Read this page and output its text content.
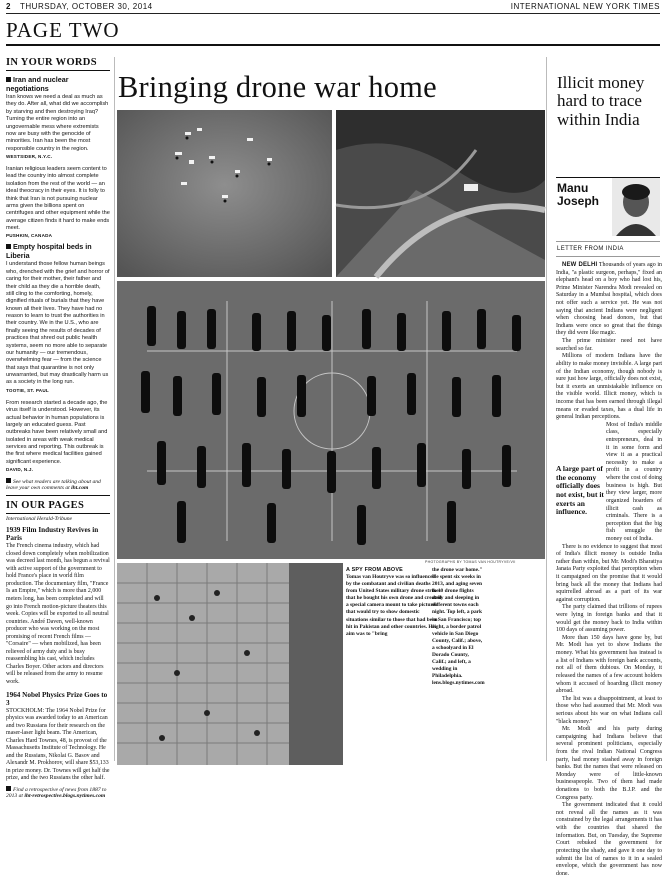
2 THURSDAY, OCTOBER 30, 2014	INTERNATIONAL NEW YORK TIMES
PAGE TWO
IN YOUR WORDS
Iran and nuclear negotiations
Iran knows we need a deal as much as they do. After all, what did we accomplish by starving and then destroying Iraq? Turning the entire region into an ungovernable mess where extremists now are busy with the genocide of minorities. Iran has been the most responsible country in the region.
WESTSIDER, N.Y.C.
Iranian religious leaders seem content to lead the country into almost complete isolation from the rest of the world — an ideal theocracy in their eyes. It is folly to think that Iran is not pursuing nuclear arms given the billions spent on centrifuges and other equipment while the average citizen finds it hard to make ends meet.
PUSHKIN, CANADA
Empty hospital beds in Liberia
I understand those fellow human beings who, drenched with the grief and horror of caring for their mother, their father and their child as they die a horrible death, still cling to the comforting, homely, dignified rituals of burials that they have known all their lives. They have had no reason to learn to trust the authorities in their country. We in the U.S., who are finally seeing the results of decades of practices that shred out public health systems, seem no more able to separate our humanity — our tremendous, overwhelming fear — from the science that says that quarantine is not only unwarranted, but may drastically harm us as a society in the long run.
TOOTIE, ST. PAUL
From research started a decade ago, the virus itself is understood. However, its actual behavior in human populations is largely an educated guess. Past outbreaks have been relatively small and isolated in areas with weak medical services and reporting. This outbreak is the first where medical facilities gained significant experience.
DAVID, N.J.
See what readers are talking about and leave your own comments at iht.com
IN OUR PAGES
International Herald-Tribune
1939 Film Industry Revives in Paris
The French cinema industry, which had closed down completely when mobilization was decreed last month, has begun a revival with active support of the government to hold France's place in world film production. The documentary film, "France Is an Empire," which is more than 2,000 meters long, has been completed and will go into French motion-picture theaters this week. Copies will be exported to all neutral countries. André Daven, well-known producer who was working on the most promising of recent French films — "Corsaire" — when mobilized, has been relieved of army duty and is busy reassembling his cast, which includes Charles Boyer. Other actors and directors will be released from the army to resume work.
1964 Nobel Physics Prize Goes to 3
STOCKHOLM: The 1964 Nobel Prize for physics was awarded today to an American and two Russians for their research on the maser-laser light beam. The American, Charles Hard Townes, 48, is provost of the Massachusetts Institute of Technology. He and the Russians, Nikolai G. Basov and Alexandr M. Prokhorov, will share $53,133 in prize money. Dr. Townes will get half the prize, and the two Russians the other half.
Find a retrospective of news from 1887 to 2013 at iht-retrospective.blogs.nytimes.com
Bringing drone war home
PHOTOGRAPHS BY TOMAS VAN HOUTRYVE/VII
A SPY FROM ABOVE
Tomas van Houtryve was so influenced by the combatant and civilian deaths from United States military drone strikes that he bought his own drone and created a special camera mount to take pictures that would try to show domestic situations similar to those that had been hit in Pakistan and other countries. His aim was to "bring
the drone war home." He spent six weeks in 2013, and aging seven to 10 drone flights daily and sleeping in different towns each night. Top left, a park in San Francisco; top right, a border patrol vehicle in San Diego County, Calif.; above, a schoolyard in El Dorado County, Calif.; and left, a wedding in Philadelphia. lens.blogs.nytimes.com
Illicit money hard to trace within India
Manu
Joseph
LETTER FROM INDIA

NEW DELHI Thousands of years ago in India, "a plastic surgeon, perhaps," fixed an elephant's head on a boy who had lost his, Prime Minister Narendra Modi revealed on Saturday in a Mumbai hospital, which does not offer such a service yet. He was not saying that ancient Indians were negligent when choosing head donors, but that Indians were once so great that the things they did were like magic.

The prime minister need not have searched so far.

Millions of modern Indians have the ability to make money invisible. A large part of the Indian economy, though nobody is sure just how large, officially does not exist, but it exerts an unmistakable influence on the visible world. Illicit money, which is income that has been earned through illegal means or evaded taxes, has a dual life in general Indian perceptions.

Most of India's middle class, especially entrepreneurs, deal in it in some form and view it as a practical necessity to make a profit in a country where the cost of doing business is high. But they view larger, more organized hoarders of illicit cash as criminals. There is a perception that the big fish smuggle the money out of India.

There is no evidence to suggest that most of India's illicit money is outside India rather than within, but Mr. Modi's Bharatiya Janata Party exploited that perception when it campaigned on the promise that it would bring back all the money that Indians had squirrelled abroad as a part of its war against corruption.

The party claimed that trillions of rupees were lying in foreign banks and that it would get the money back to India within 100 days of assuming power.

More than 150 days have gone by, but Mr. Modi has yet to show Indians the money. What his government has instead is a list of Indians with foreign bank accounts, not all of them dubious. On Monday, it released the names of a few account holders whom it accused of hoarding illicit money abroad.

The list was a disappointment, at least to those who had assumed that Mr. Modi was serious about his war on what Indians call "black money."

Mr. Modi and his party during campaigning had Indians believe that several prominent politicians, especially from the rival Indian National Congress party, had money stashed away in foreign banks. But the names that were released on Monday were of little-known businesspeople. Two of them had made donations to both the B.J.P. and the Congress party.

The government indicated that it could not reveal all the names as it was constrained by the legal arrangements it has with the countries that shared the information. But, on Tuesday, the Supreme Court rebuked the government for protecting the shady, and gave it one day to submit the list of names to it in a sealed envelope, which the government has now done.

A large part of the economy officially does not exist, but it exerts an influence.
